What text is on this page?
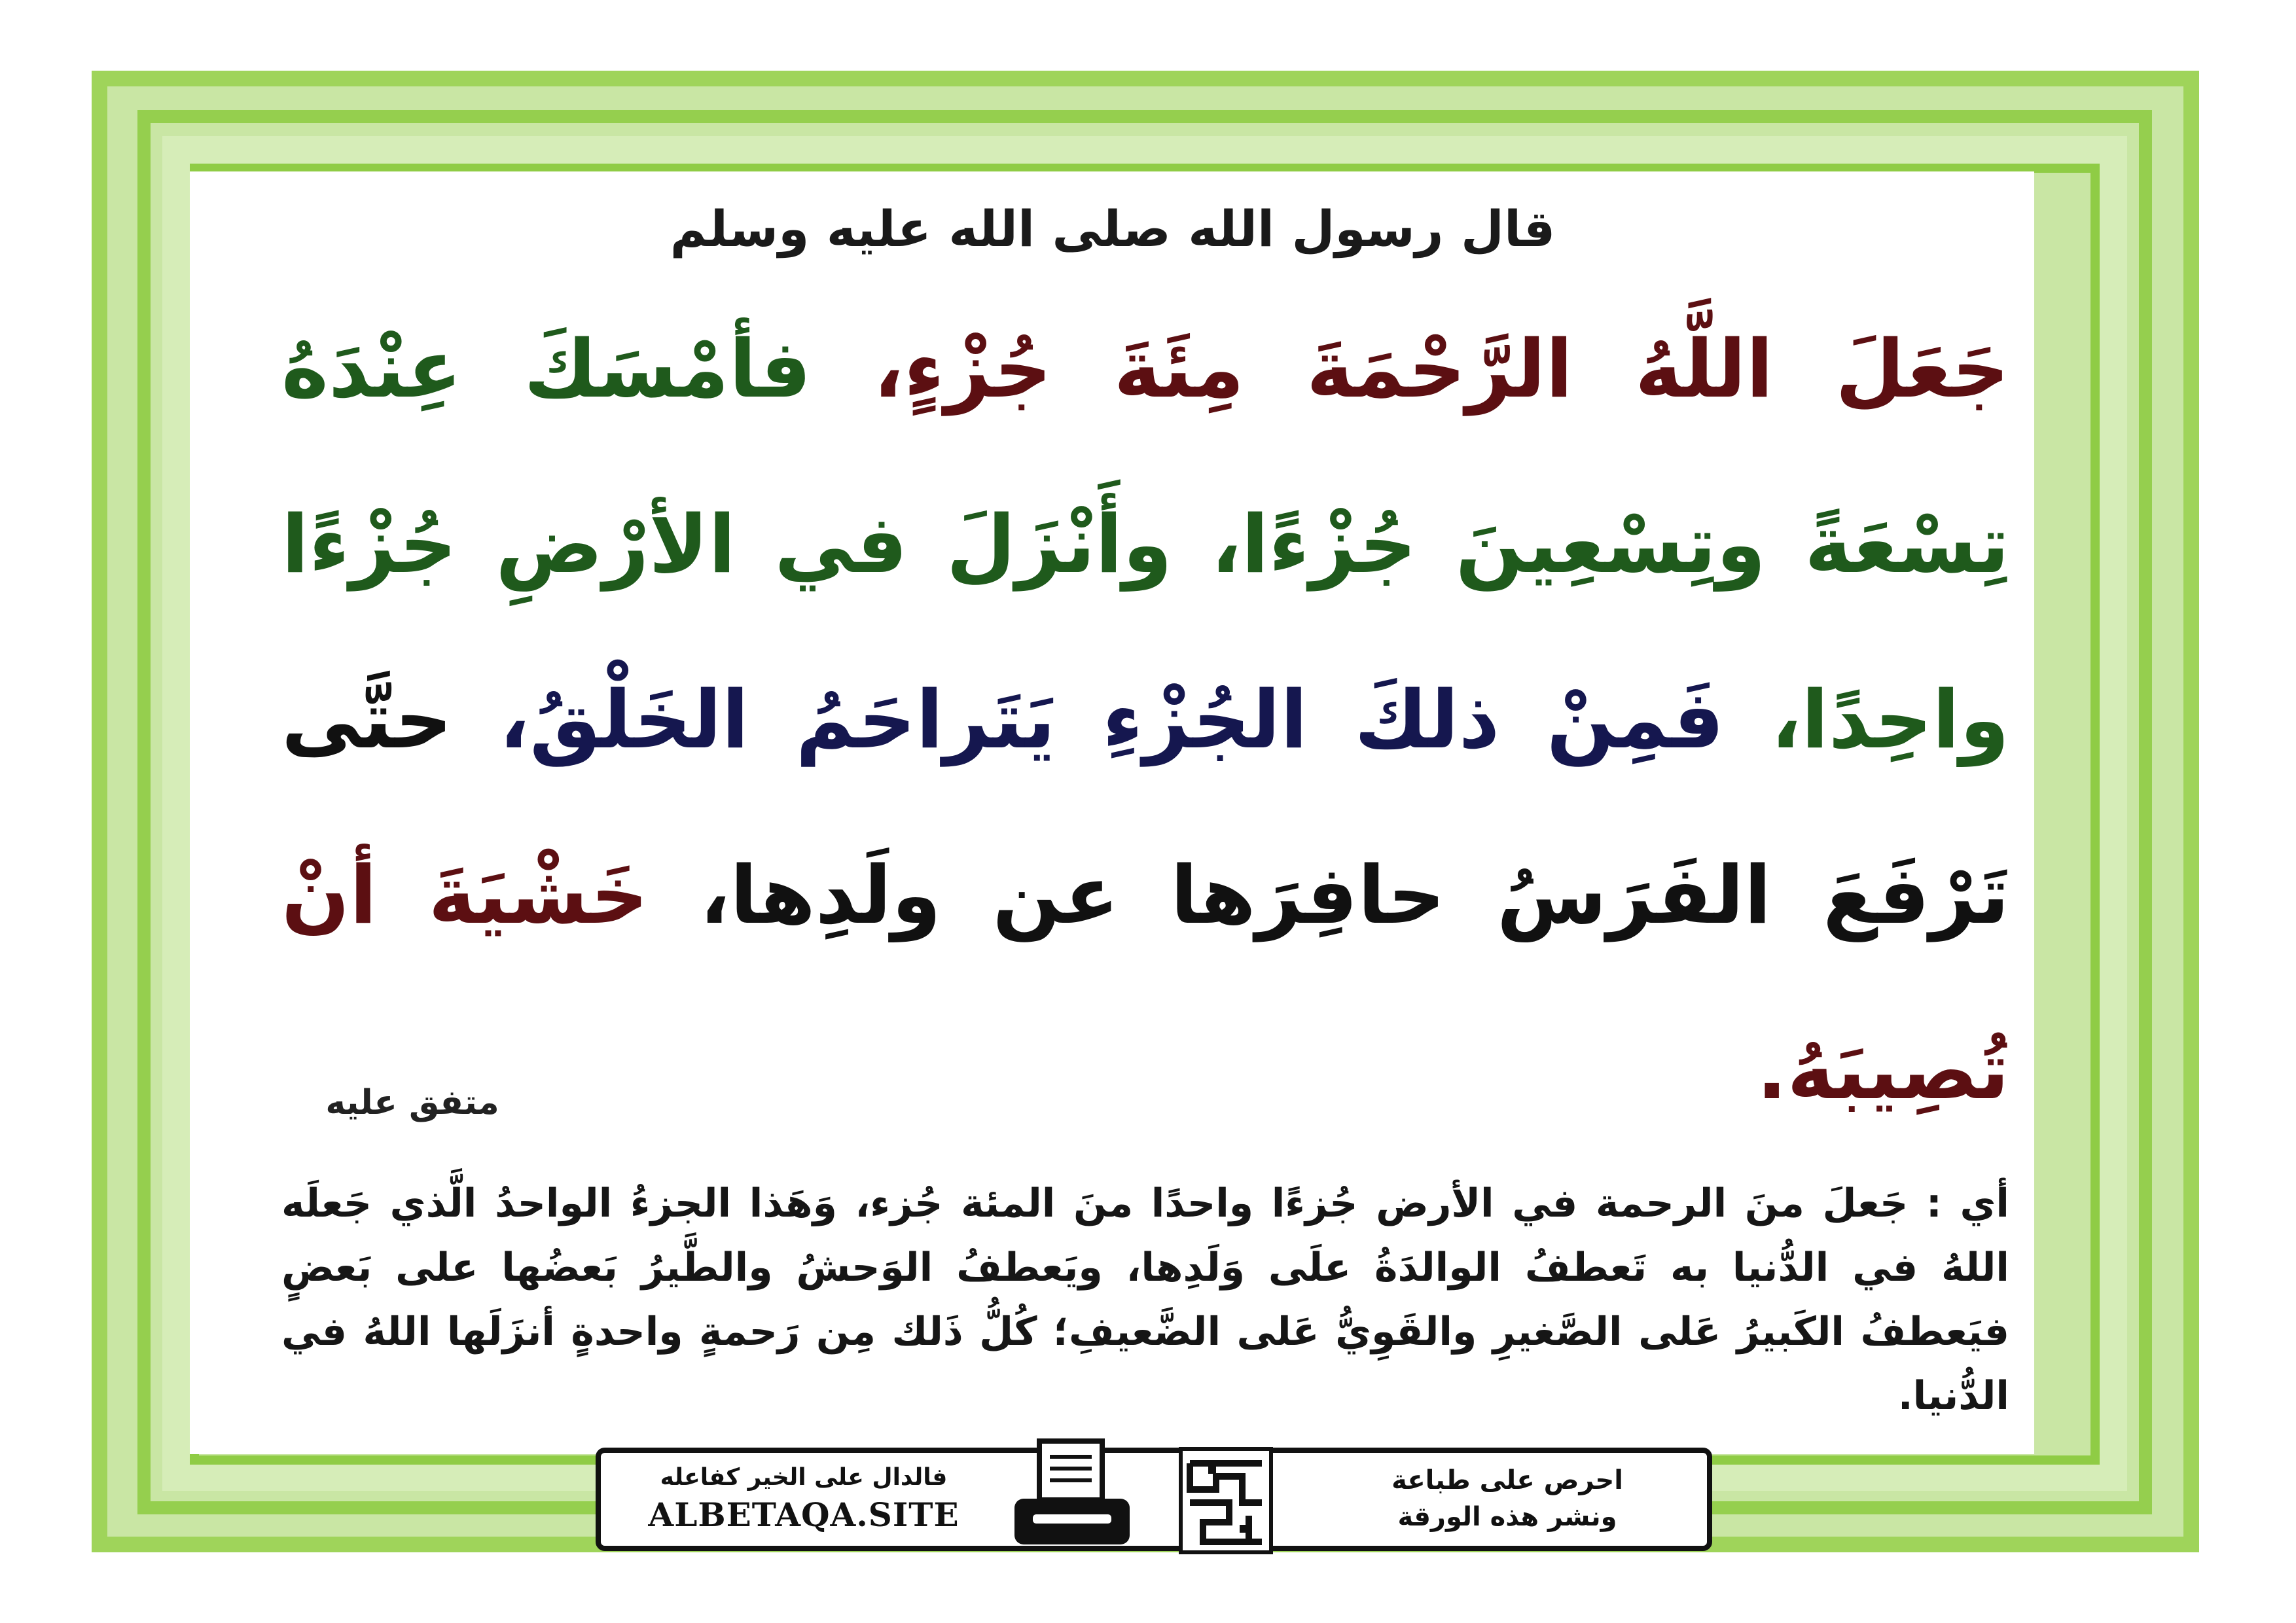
قال رسول الله صلى الله عليه وسلم
جَعَلَ اللَّهُ الرَّحْمَةَ مِئَةَ جُزْءٍ، فأمْسَكَ عِنْدَهُ تِسْعَةً وتِسْعِينَ جُزْءًا، وأَنْزَلَ في الأرْضِ جُزْءًا واحِدًا، فَمِنْ ذلكَ الجُزْءِ يَتَراحَمُ الخَلْقُ، حتَّى تَرْفَعَ الفَرَسُ حافِرَها عن ولَدِها، خَشْيَةَ أنْ تُصِيبَهُ.
متفق عليه
أي : جَعلَ منَ الرحمة في الأرض جُزءًا واحدًا منَ المئة جُزء، وَهَذا الجزءُ الواحدُ الَّذي جَعلَه اللهُ في الدُّنيا به تَعطفُ الوالدَةُ علَى وَلَدِها، ويَعطفُ الوَحشُ والطَّيرُ بَعضُها على بَعضٍ فيَعطفُ الكَبيرُ عَلى الصَّغيرِ والقَوِيُّ عَلى الضَّعيفِ؛ كُلُّ ذَلك مِن رَحمةٍ واحدةٍ أنزَلَها اللهُ في الدُّنيا.
فالدال على الخير كفاعله
ALBETAQA.SITE
احرص على طباعة
ونشر هذه الورقة
